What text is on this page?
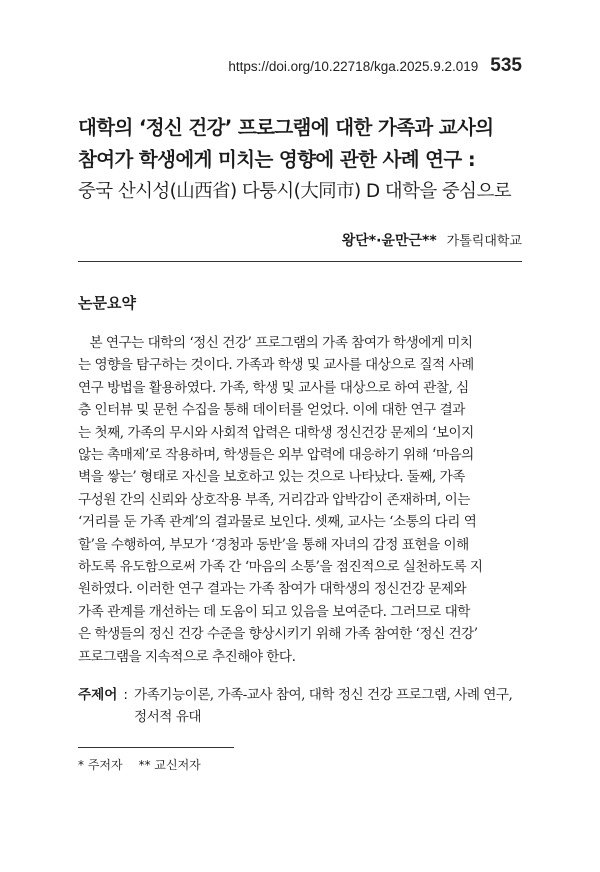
https://doi.org/10.22718/kga.2025.9.2.019 535
대학의 ‘정신 건강’ 프로그램에 대한 가족과 교사의
참여가 학생에게 미치는 영향에 관한 사례 연구 :
중국 산시성(山西省) 다퉁시(大同市) D 대학을 중심으로
왕단*·윤만근** 가톨릭대학교
논문요약
본 연구는 대학의 ‘정신 건강’ 프로그램의 가족 참여가 학생에게 미치
는 영향을 탐구하는 것이다. 가족과 학생 및 교사를 대상으로 질적 사례
연구 방법을 활용하였다. 가족, 학생 및 교사를 대상으로 하여 관찰, 심
층 인터뷰 및 문헌 수집을 통해 데이터를 얻었다. 이에 대한 연구 결과
는 첫째, 가족의 무시와 사회적 압력은 대학생 정신건강 문제의 ‘보이지
않는 촉매제’로 작용하며, 학생들은 외부 압력에 대응하기 위해 ‘마음의
벽을 쌓는’ 형태로 자신을 보호하고 있는 것으로 나타났다. 둘째, 가족
구성원 간의 신뢰와 상호작용 부족, 거리감과 압박감이 존재하며, 이는
‘거리를 둔 가족 관계’의 결과물로 보인다. 셋째, 교사는 ‘소통의 다리 역
할’을 수행하여, 부모가 ‘경청과 동반’을 통해 자녀의 감정 표현을 이해
하도록 유도함으로써 가족 간 ‘마음의 소통’을 점진적으로 실천하도록 지
원하였다. 이러한 연구 결과는 가족 참여가 대학생의 정신건강 문제와
가족 관계를 개선하는 데 도움이 되고 있음을 보여준다. 그러므로 대학
은 학생들의 정신 건강 수준을 향상시키기 위해 가족 참여한 ‘정신 건강’
프로그램을 지속적으로 추진해야 한다.
주제어 : 가족기능이론, 가족-교사 참여, 대학 정신 건강 프로그램, 사례 연구, 정서적 유대
* 주저자 ** 교신저자
